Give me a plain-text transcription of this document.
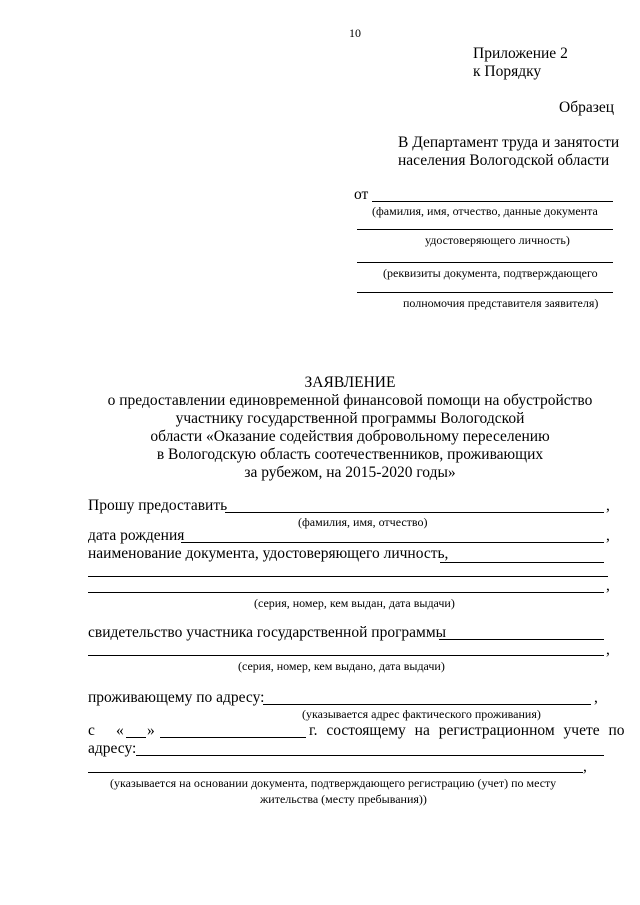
10
Приложение 2
к Порядку
Образец
В Департамент труда и занятости
населения Вологодской области
от
(фамилия, имя, отчество, данные документа
удостоверяющего личность)
(реквизиты документа, подтверждающего
полномочия представителя заявителя)
ЗАЯВЛЕНИЕ
о предоставлении единовременной финансовой помощи на обустройство
участнику государственной программы Вологодской
области «Оказание содействия добровольному переселению
в Вологодскую область соотечественников, проживающих
за рубежом, на 2015-2020 годы»
Прошу предоставить	,
(фамилия, имя, отчество)
дата рождения	,
наименование документа, удостоверяющего личность,
,
(серия, номер, кем выдан, дата выдачи)
свидетельство участника государственной программы
,
(серия, номер, кем выдано, дата выдачи)
проживающему по адресу:	,
(указывается адрес фактического проживания)
с « »	г. состоящему на регистрационном учете по
адресу:
,
(указывается на основании документа, подтверждающего регистрацию (учет) по месту
жительства (месту пребывания))
